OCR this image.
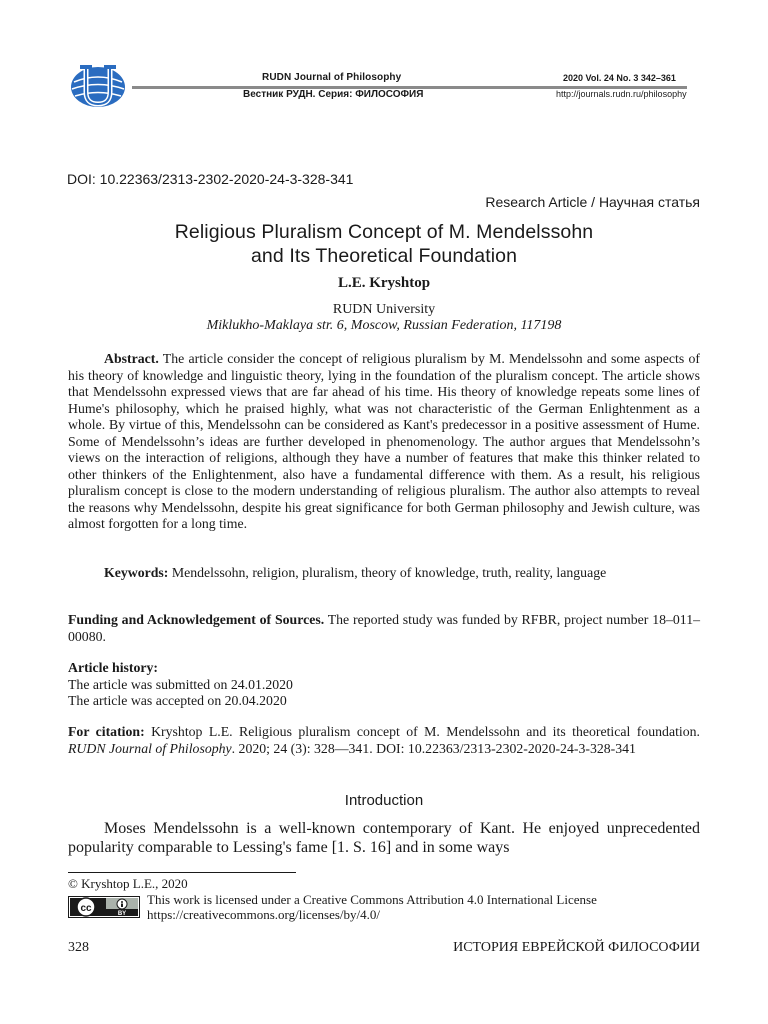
RUDN Journal of Philosophy
Вестник РУДН. Серия: ФИЛОСОФИЯ
2020 Vol. 24 No. 3 342–361
http://journals.rudn.ru/philosophy
DOI: 10.22363/2313-2302-2020-24-3-328-341
Research Article / Научная статья
Religious Pluralism Concept of M. Mendelssohn
and Its Theoretical Foundation
L.E. Kryshtop
RUDN University
Miklukho-Maklaya str. 6, Moscow, Russian Federation, 117198
Abstract. The article consider the concept of religious pluralism by M. Mendelssohn and some aspects of his theory of knowledge and linguistic theory, lying in the foundation of the pluralism concept. The article shows that Mendelssohn expressed views that are far ahead of his time. His theory of knowledge repeats some lines of Hume's philosophy, which he praised highly, what was not characteristic of the German Enlightenment as a whole. By virtue of this, Mendelssohn can be considered as Kant's predecessor in a positive assessment of Hume. Some of Mendelssohn’s ideas are further developed in phenomenology. The author argues that Mendelssohn’s views on the interaction of religions, although they have a number of features that make this thinker related to other thinkers of the Enlightenment, also have a fundamental difference with them. As a result, his religious pluralism concept is close to the modern understanding of religious pluralism. The author also attempts to reveal the reasons why Mendelssohn, despite his great significance for both German philosophy and Jewish culture, was almost forgotten for a long time.
Keywords: Mendelssohn, religion, pluralism, theory of knowledge, truth, reality, language
Funding and Acknowledgement of Sources. The reported study was funded by RFBR, project number 18–011–00080.
Article history:
The article was submitted on 24.01.2020
The article was accepted on 20.04.2020
For citation: Kryshtop L.E. Religious pluralism concept of M. Mendelssohn and its theoretical foundation. RUDN Journal of Philosophy. 2020; 24 (3): 328—341. DOI: 10.22363/2313-2302-2020-24-3-328-341
Introduction
Moses Mendelssohn is a well-known contemporary of Kant. He enjoyed unprecedented popularity comparable to Lessing's fame [1. S. 16] and in some ways
© Kryshtop L.E., 2020
cc	BY
This work is licensed under a Creative Commons Attribution 4.0 International License
https://creativecommons.org/licenses/by/4.0/
328	ИСТОРИЯ ЕВРЕЙСКОЙ ФИЛОСОФИИ
